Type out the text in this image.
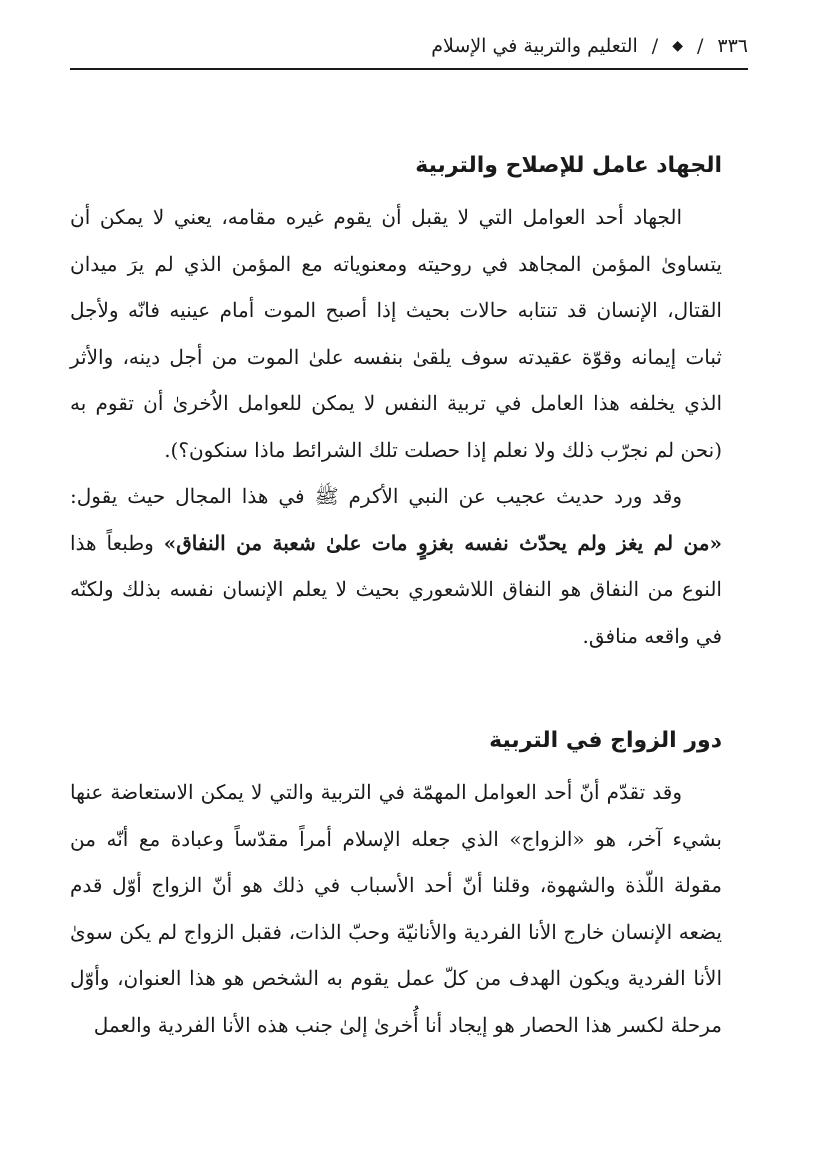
٣٣٦
/
◆
/
التعليم والتربية في الإسلام
الجهاد عامل للإصلاح والتربية

الجهاد أحد العوامل التي لا يقبل أن يقوم غيره مقامه، يعني لا يمكن أن يتساوىٰ المؤمن المجاهد في روحيته ومعنوياته مع المؤمن الذي لم يرَ ميدان القتال، الإنسان قد تنتابه حالات بحيث إذا أصبح الموت أمام عينيه فانّه ولأجل ثبات إيمانه وقوّة عقيدته سوف يلقىٰ بنفسه علىٰ الموت من أجل دينه، والأثر الذي يخلفه هذا العامل في تربية النفس لا يمكن للعوامل الاُخرىٰ أن تقوم به (نحن لم نجرّب ذلك ولا نعلم إذا حصلت تلك الشرائط ماذا سنكون؟).

وقد ورد حديث عجيب عن النبي الأكرم ﷺ في هذا المجال حيث يقول: «من لم يغز ولم يحدّث نفسه بغزوٍ مات علىٰ شعبة من النفاق» وطبعاً هذا النوع من النفاق هو النفاق اللاشعوري بحيث لا يعلم الإنسان نفسه بذلك ولكنّه في واقعه منافق.

دور الزواج في التربية

وقد تقدّم أنّ أحد العوامل المهمّة في التربية والتي لا يمكن الاستعاضة عنها بشيء آخر، هو «الزواج» الذي جعله الإسلام أمراً مقدّساً وعبادة مع أنّه من مقولة اللّذة والشهوة، وقلنا أنّ أحد الأسباب في ذلك هو أنّ الزواج أوّل قدم يضعه الإنسان خارج الأنا الفردية والأنانيّة وحبّ الذات، فقبل الزواج لم يكن سوىٰ الأنا الفردية ويكون الهدف من كلّ عمل يقوم به الشخص هو هذا العنوان، وأوّل مرحلة لكسر هذا الحصار هو إيجاد أنا أُخرىٰ إلىٰ جنب هذه الأنا الفردية والعمل
